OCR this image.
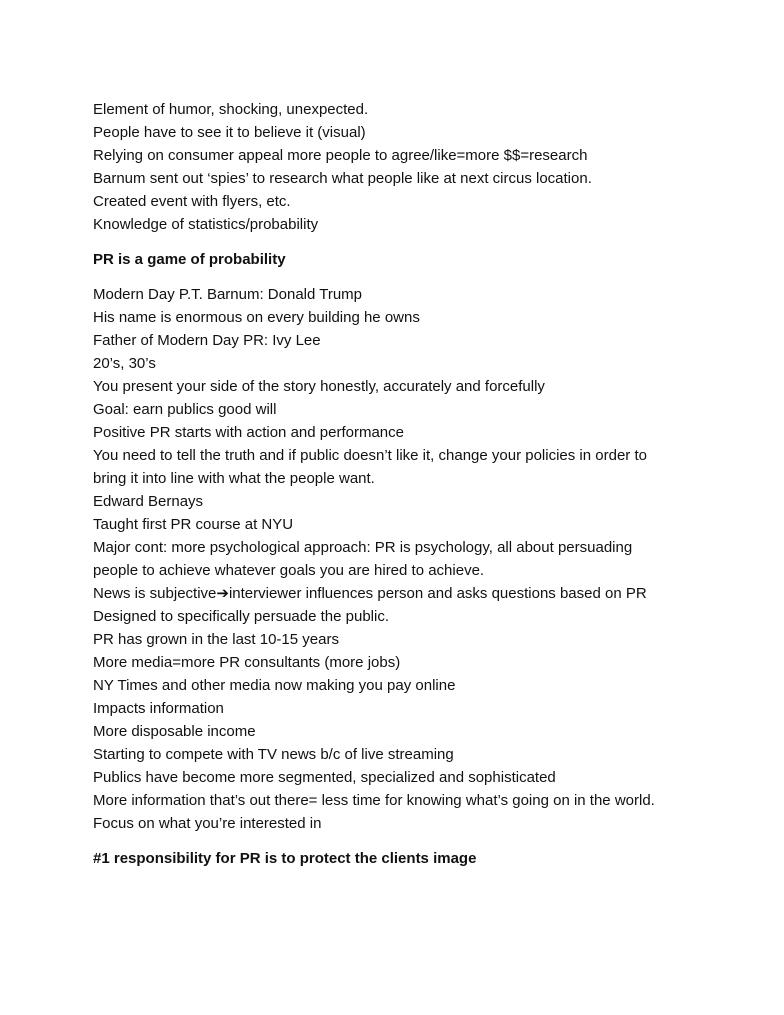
Element of humor, shocking, unexpected.
People have to see it to believe it (visual)
Relying on consumer appeal more people to agree/like=more $$=research
Barnum sent out ‘spies’ to research what people like at next circus location.
Created event with flyers, etc.
Knowledge of statistics/probability
PR is a game of probability
Modern Day P.T. Barnum: Donald Trump
His name is enormous on every building he owns
Father of Modern Day PR: Ivy Lee
20’s, 30’s
You present your side of the story honestly, accurately and forcefully
Goal: earn publics good will
Positive PR starts with action and performance
You need to tell the truth and if public doesn’t like it, change your policies in order to
bring it into line with what the people want.
Edward Bernays
Taught first PR course at NYU
Major cont: more psychological approach: PR is psychology, all about persuading
people to achieve whatever goals you are hired to achieve.
News is subjective➔interviewer influences person and asks questions based on PR
Designed to specifically persuade the public.
PR has grown in the last 10-15 years
More media=more PR consultants (more jobs)
NY Times and other media now making you pay online
Impacts information
More disposable income
Starting to compete with TV news b/c of live streaming
Publics have become more segmented, specialized and sophisticated
More information that’s out there= less time for knowing what’s going on in the world.
Focus on what you’re interested in
#1 responsibility for PR is to protect the clients image
